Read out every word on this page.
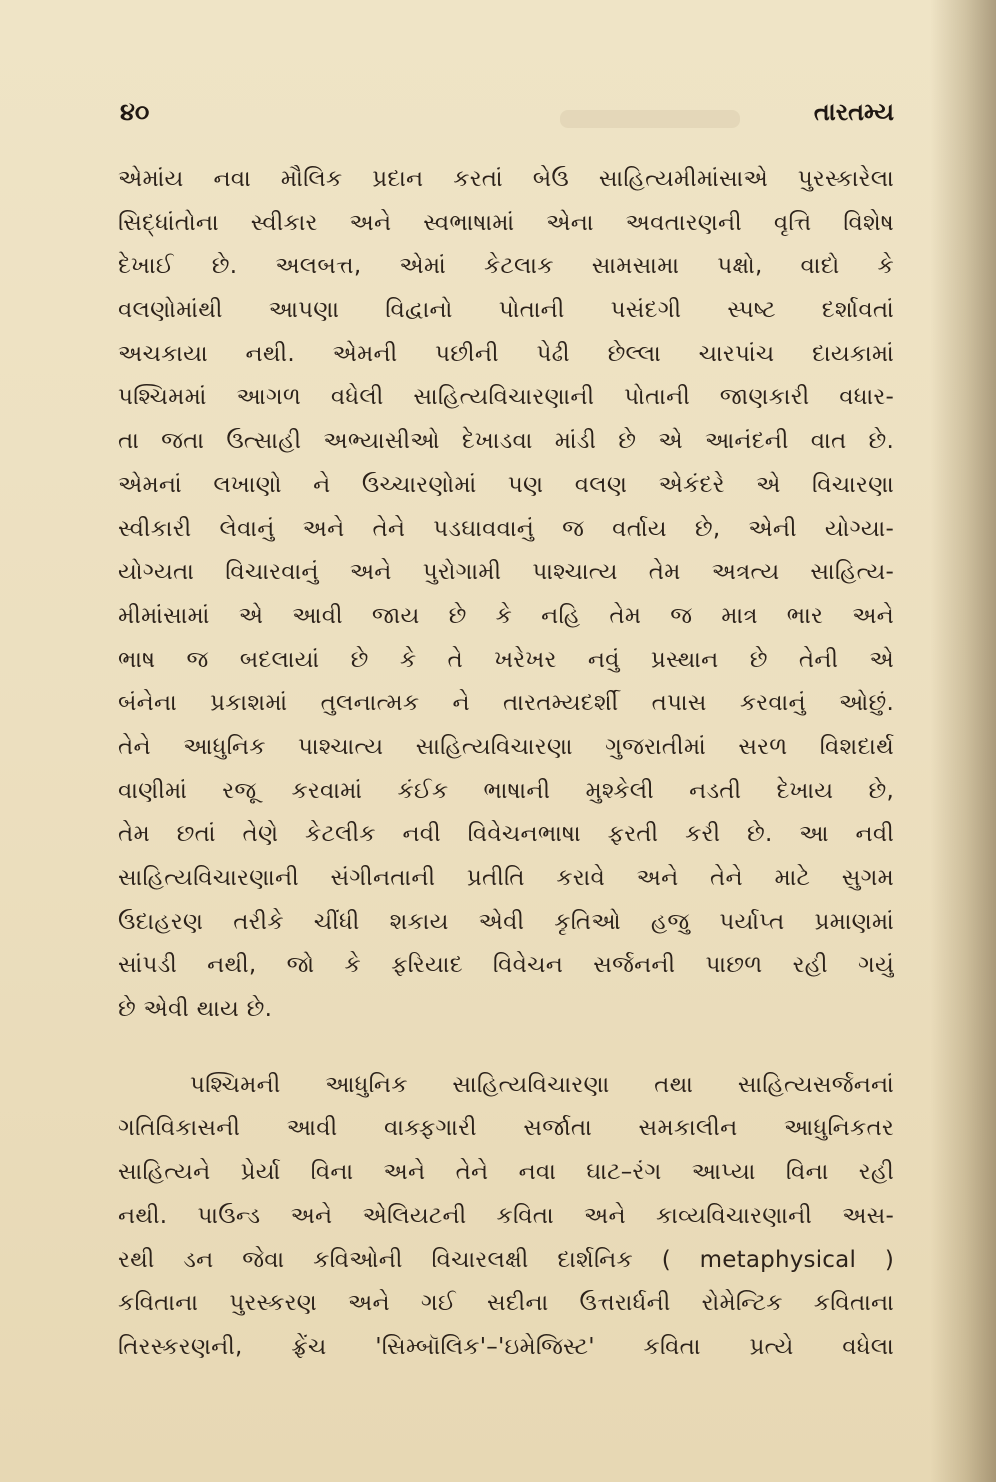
૪૦	તારતમ્ય
એમાંય નવા મૌલિક પ્રદાન કરતાં બેઉ સાહિત્યમીમાંસાએ પુરસ્કારેલા
સિદ્ધાંતોના સ્વીકાર અને સ્વભાષામાં એના અવતારણની વૃત્તિ વિશેષ
દેખાઈ છે. અલબત્ત, એમાં કેટલાક સામસામા પક્ષો, વાદો કે
વલણોમાંથી આપણા વિદ્વાનો પોતાની પસંદગી સ્પષ્ટ દર્શાવતાં
અચકાયા નથી. એમની પછીની પેઢી છેલ્લા ચારપાંચ દાયકામાં
પશ્ચિમમાં આગળ વધેલી સાહિત્યવિચારણાની પોતાની જાણકારી વધાર-
તા જતા ઉત્સાહી અભ્યાસીઓ દેખાડવા માંડી છે એ આનંદની વાત છે.
એમનાં લખાણો ને ઉચ્ચારણોમાં પણ વલણ એકંદરે એ વિચારણા
સ્વીકારી લેવાનું અને તેને પડઘાવવાનું જ વર્તાય છે, એની યોગ્યા-
યોગ્યતા વિચારવાનું અને પુરોગામી પાશ્ચાત્ય તેમ અત્રત્ય સાહિત્ય-
મીમાંસામાં એ આવી જાય છે કે નહિ તેમ જ માત્ર ભાર અને
ભાષ જ બદલાયાં છે કે તે ખરેખર નવું પ્રસ્થાન છે તેની એ
બંનેના પ્રકાશમાં તુલનાત્મક ને તારતમ્યદર્શી તપાસ કરવાનું ઓછું.
તેને આધુનિક પાશ્ચાત્ય સાહિત્યવિચારણા ગુજરાતીમાં સરળ વિશદાર્થ
વાણીમાં રજૂ કરવામાં કંઈક ભાષાની મુશ્કેલી નડતી દેખાય છે,
તેમ છતાં તેણે કેટલીક નવી વિવેચનભાષા ફરતી કરી છે. આ નવી
સાહિત્યવિચારણાની સંગીનતાની પ્રતીતિ કરાવે અને તેને માટે સુગમ
ઉદાહરણ તરીકે ચીંધી શકાય એવી કૃતિઓ હજુ પર્યાપ્ત પ્રમાણમાં
સાંપડી નથી, જો કે ફરિયાદ વિવેચન સર્જનની પાછળ રહી ગયું
છે એવી થાય છે.
પશ્ચિમની આધુનિક સાહિત્યવિચારણા તથા સાહિત્યસર્જનનાં
ગતિવિકાસની આવી વાક્ફગારી સર્જાતા સમકાલીન આધુનિકતર
સાહિત્યને પ્રેર્યા વિના અને તેને નવા ઘાટ–રંગ આપ્યા વિના રહી
નથી. પાઉન્ડ અને એલિયટની કવિતા અને કાવ્યવિચારણાની અસ-
રથી ડન જેવા કવિઓની વિચારલક્ષી દાર્શનિક ( metaphysical )
કવિતાના પુરસ્કરણ અને ગઈ સદીના ઉત્તરાર્ધની રોમેન્ટિક કવિતાના
તિરસ્કરણની, ફ્રેંચ 'સિમ્બૉલિક'–'ઇમેજિસ્ટ' કવિતા પ્રત્યે વધેલા
